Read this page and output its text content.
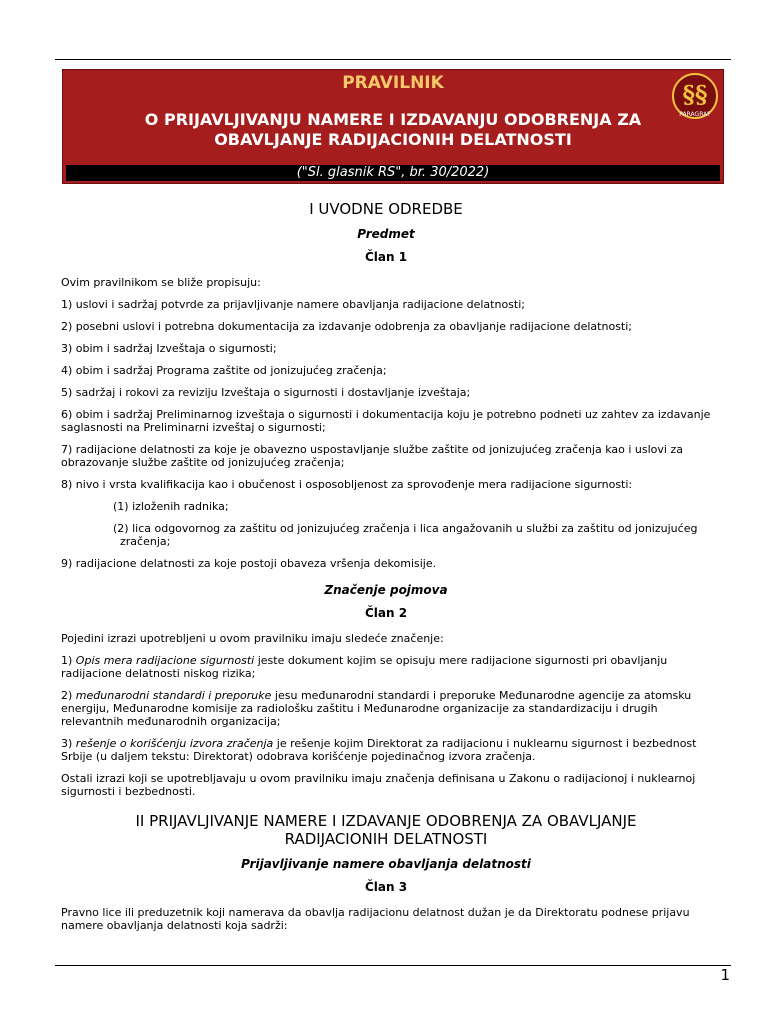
PRAVILNIK
O PRIJAVLJIVANJU NAMERE I IZDAVANJU ODOBRENJA ZA
OBAVLJANJE RADIJACIONIH DELATNOSTI
§§
PARAGRAF
("Sl. glasnik RS", br. 30/2022)
I UVODNE ODREDBE
Predmet
Član 1
Ovim pravilnikom se bliže propisuju:
1) uslovi i sadržaj potvrde za prijavljivanje namere obavljanja radijacione delatnosti;
2) posebni uslovi i potrebna dokumentacija za izdavanje odobrenja za obavljanje radijacione delatnosti;
3) obim i sadržaj Izveštaja o sigurnosti;
4) obim i sadržaj Programa zaštite od jonizujućeg zračenja;
5) sadržaj i rokovi za reviziju Izveštaja o sigurnosti i dostavljanje izveštaja;
6) obim i sadržaj Preliminarnog izveštaja o sigurnosti i dokumentacija koju je potrebno podneti uz zahtev za izdavanje saglasnosti na Preliminarni izveštaj o sigurnosti;
7) radijacione delatnosti za koje je obavezno uspostavljanje službe zaštite od jonizujućeg zračenja kao i uslovi za obrazovanje službe zaštite od jonizujućeg zračenja;
8) nivo i vrsta kvalifikacija kao i obučenost i osposobljenost za sprovođenje mera radijacione sigurnosti:
(1) izloženih radnika;
(2) lica odgovornog za zaštitu od jonizujućeg zračenja i lica angažovanih u službi za zaštitu od jonizujućeg zračenja;
9) radijacione delatnosti za koje postoji obaveza vršenja dekomisije.
Značenje pojmova
Član 2
Pojedini izrazi upotrebljeni u ovom pravilniku imaju sledeće značenje:
1) Opis mera radijacione sigurnosti jeste dokument kojim se opisuju mere radijacione sigurnosti pri obavljanju radijacione delatnosti niskog rizika;
2) međunarodni standardi i preporuke jesu međunarodni standardi i preporuke Međunarodne agencije za atomsku energiju, Međunarodne komisije za radiološku zaštitu i Međunarodne organizacije za standardizaciju i drugih relevantnih međunarodnih organizacija;
3) rešenje o korišćenju izvora zračenja je rešenje kojim Direktorat za radijacionu i nuklearnu sigurnost i bezbednost Srbije (u daljem tekstu: Direktorat) odobrava korišćenje pojedinačnog izvora zračenja.
Ostali izrazi koji se upotrebljavaju u ovom pravilniku imaju značenja definisana u Zakonu o radijacionoj i nuklearnoj sigurnosti i bezbednosti.
II PRIJAVLJIVANJE NAMERE I IZDAVANJE ODOBRENJA ZA OBAVLJANJE
RADIJACIONIH DELATNOSTI
Prijavljivanje namere obavljanja delatnosti
Član 3
Pravno lice ili preduzetnik koji namerava da obavlja radijacionu delatnost dužan je da Direktoratu podnese prijavu namere obavljanja delatnosti koja sadrži:
1
